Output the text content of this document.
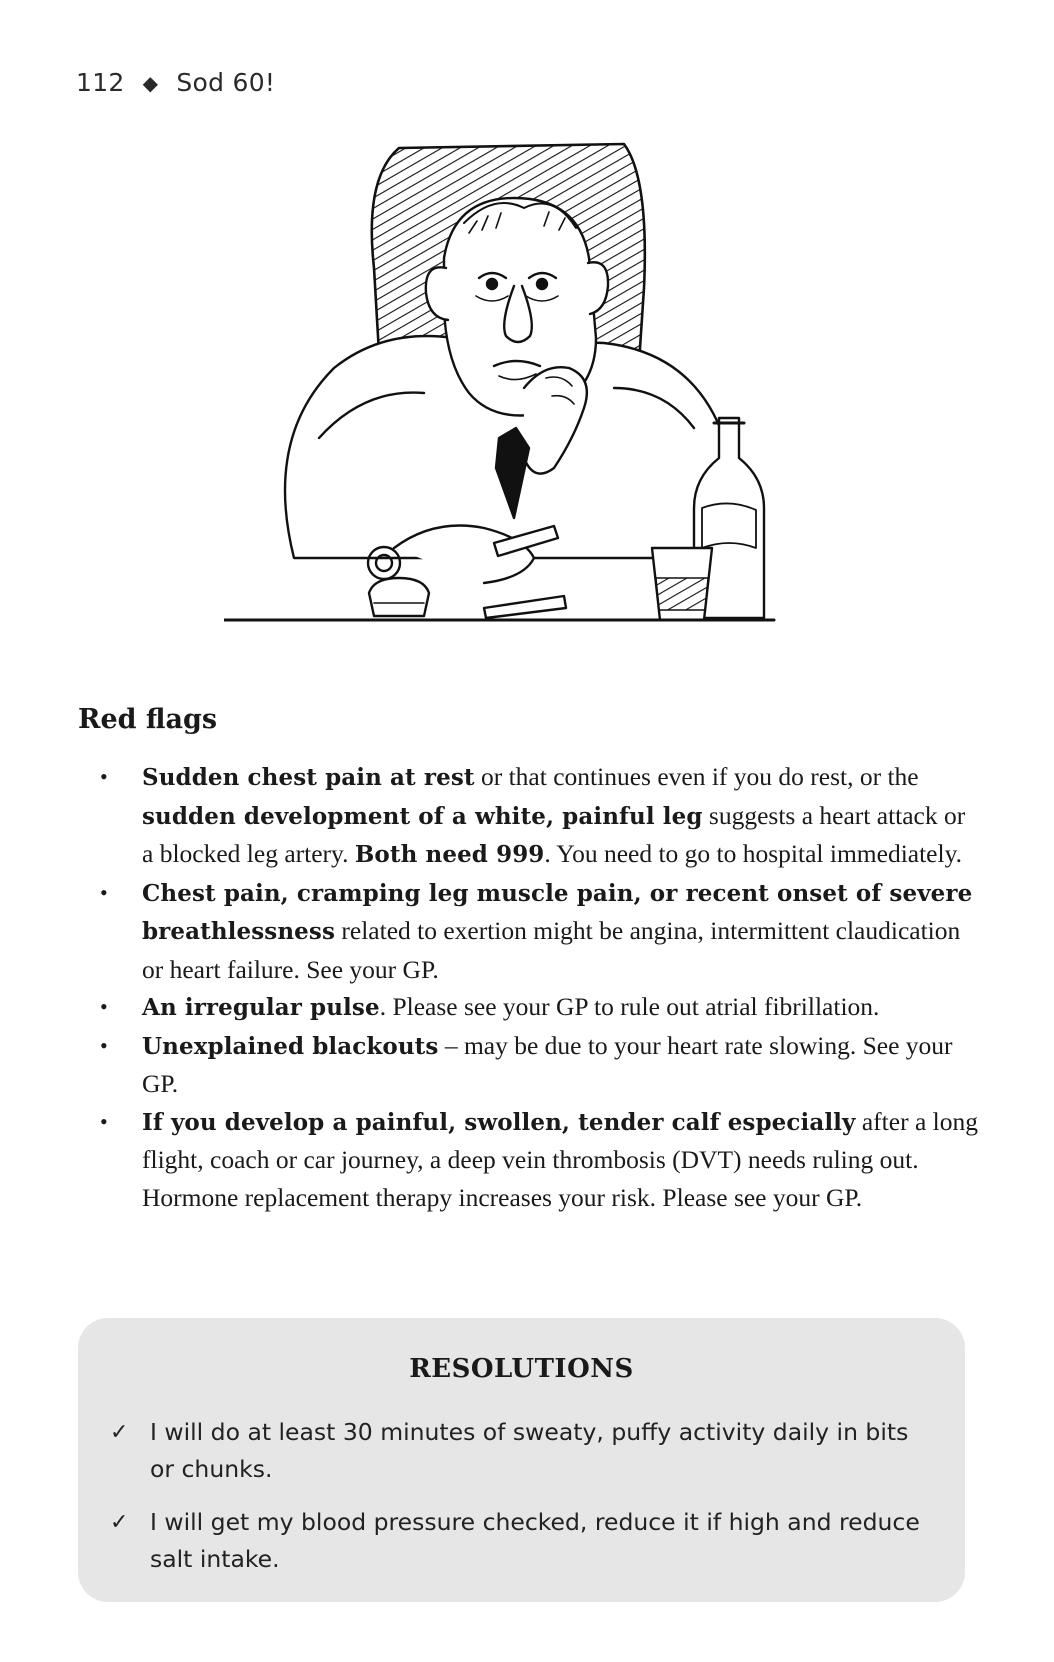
112 ◆ Sod 60!
Red flags
• Sudden chest pain at rest or that continues even if you do rest, or the sudden development of a white, painful leg suggests a heart attack or a blocked leg artery. Both need 999. You need to go to hospital immediately.
• Chest pain, cramping leg muscle pain, or recent onset of severe breathlessness related to exertion might be angina, intermittent claudication or heart failure. See your GP.
• An irregular pulse. Please see your GP to rule out atrial fibrillation.
• Unexplained blackouts – may be due to your heart rate slowing. See your GP.
• If you develop a painful, swollen, tender calf especially after a long flight, coach or car journey, a deep vein thrombosis (DVT) needs ruling out. Hormone replacement therapy increases your risk. Please see your GP.
RESOLUTIONS
✓ I will do at least 30 minutes of sweaty, puffy activity daily in bits or chunks.
✓ I will get my blood pressure checked, reduce it if high and reduce salt intake.
